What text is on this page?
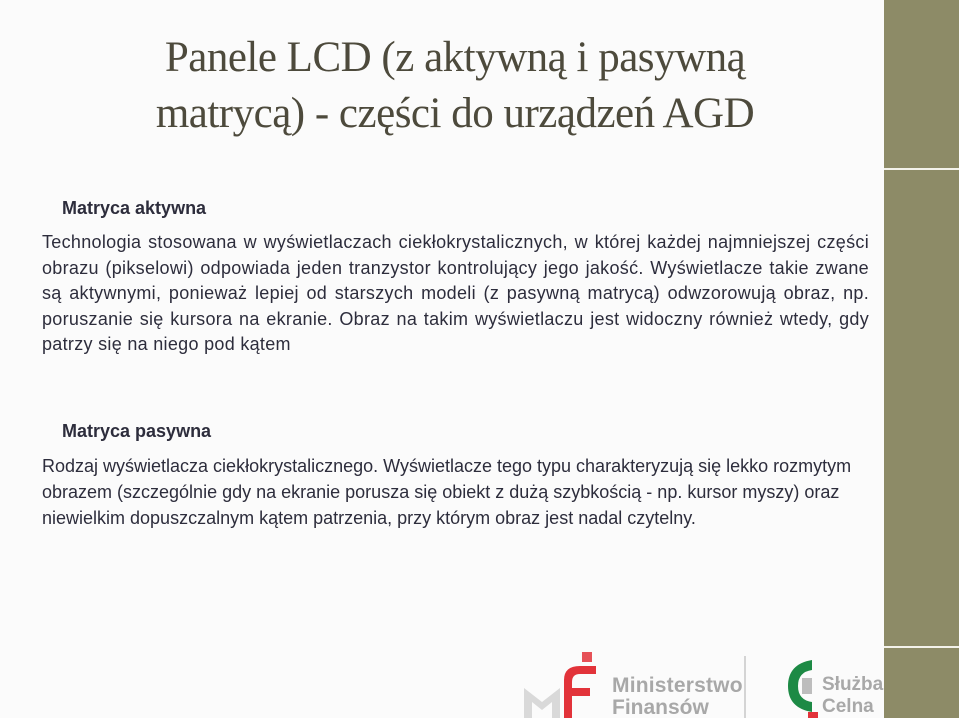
Panele LCD (z aktywną i pasywną
matrycą) - części do urządzeń AGD
Matryca aktywna
Technologia stosowana w wyświetlaczach ciekłokrystalicznych, w której każdej najmniejszej części obrazu (pikselowi) odpowiada jeden tranzystor kontrolujący jego jakość. Wyświetlacze takie zwane są aktywnymi, ponieważ lepiej od starszych modeli (z pasywną matrycą) odwzorowują obraz, np. poruszanie się kursora na ekranie. Obraz na takim wyświetlaczu jest widoczny również wtedy, gdy patrzy się na niego pod kątem
Matryca pasywna
Rodzaj wyświetlacza ciekłokrystalicznego. Wyświetlacze tego typu charakteryzują się lekko rozmytym obrazem (szczególnie gdy na ekranie porusza się obiekt z dużą szybkością - np. kursor myszy) oraz niewielkim dopuszczalnym kątem patrzenia, przy którym obraz jest nadal czytelny.
Ministerstwo
Finansów
Służba
Celna
